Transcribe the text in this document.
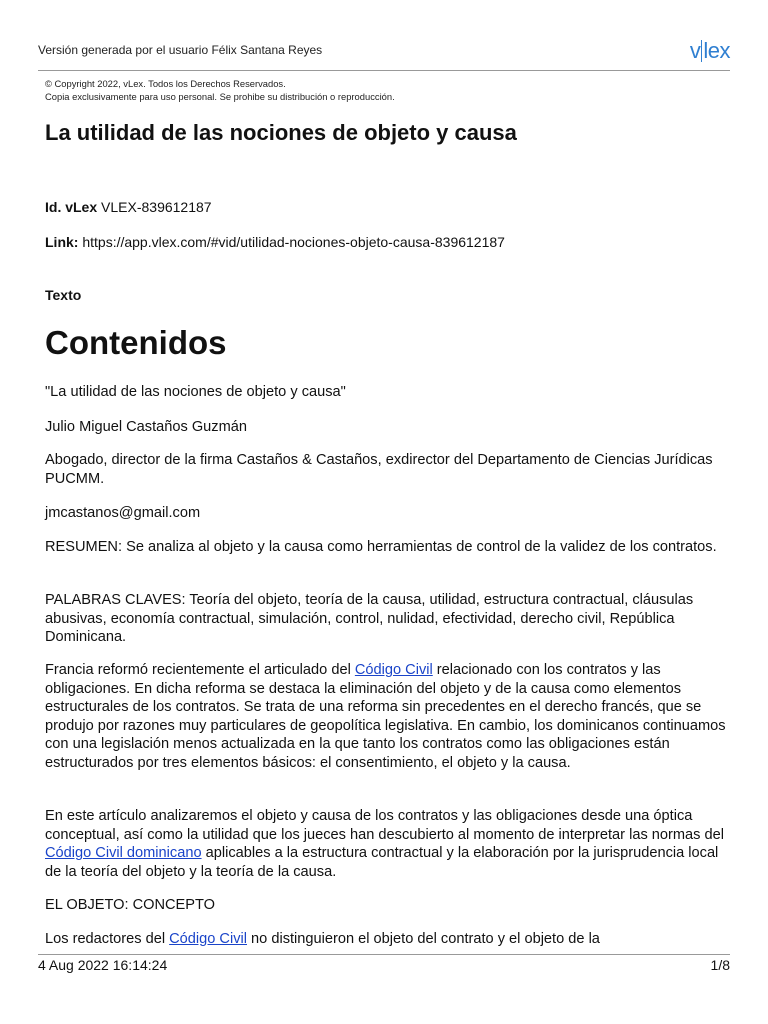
Versión generada por el usuario Félix Santana Reyes	v lex
© Copyright 2022, vLex. Todos los Derechos Reservados.
Copia exclusivamente para uso personal. Se prohibe su distribución o reproducción.
La utilidad de las nociones de objeto y causa
Id. vLex VLEX-839612187
Link: https://app.vlex.com/#vid/utilidad-nociones-objeto-causa-839612187
Texto
Contenidos

"La utilidad de las nociones de objeto y causa"

Julio Miguel Castaños Guzmán

Abogado, director de la firma Castaños & Castaños, exdirector del Departamento de Ciencias Jurídicas PUCMM.

jmcastanos@gmail.com

RESUMEN: Se analiza al objeto y la causa como herramientas de control de la validez de los contratos.

PALABRAS CLAVES: Teoría del objeto, teoría de la causa, utilidad, estructura contractual, cláusulas abusivas, economía contractual, simulación, control, nulidad, efectividad, derecho civil, República Dominicana.

Francia reformó recientemente el articulado del Código Civil relacionado con los contratos y las obligaciones. En dicha reforma se destaca la eliminación del objeto y de la causa como elementos estructurales de los contratos. Se trata de una reforma sin precedentes en el derecho francés, que se produjo por razones muy particulares de geopolítica legislativa. En cambio, los dominicanos continuamos con una legislación menos actualizada en la que tanto los contratos como las obligaciones están estructurados por tres elementos básicos: el consentimiento, el objeto y la causa.

En este artículo analizaremos el objeto y causa de los contratos y las obligaciones desde una óptica conceptual, así como la utilidad que los jueces han descubierto al momento de interpretar las normas del Código Civil dominicano aplicables a la estructura contractual y la elaboración por la jurisprudencia local de la teoría del objeto y la teoría de la causa.

EL OBJETO: CONCEPTO

Los redactores del Código Civil no distinguieron el objeto del contrato y el objeto de la

4 Aug 2022 16:14:24	1/8
